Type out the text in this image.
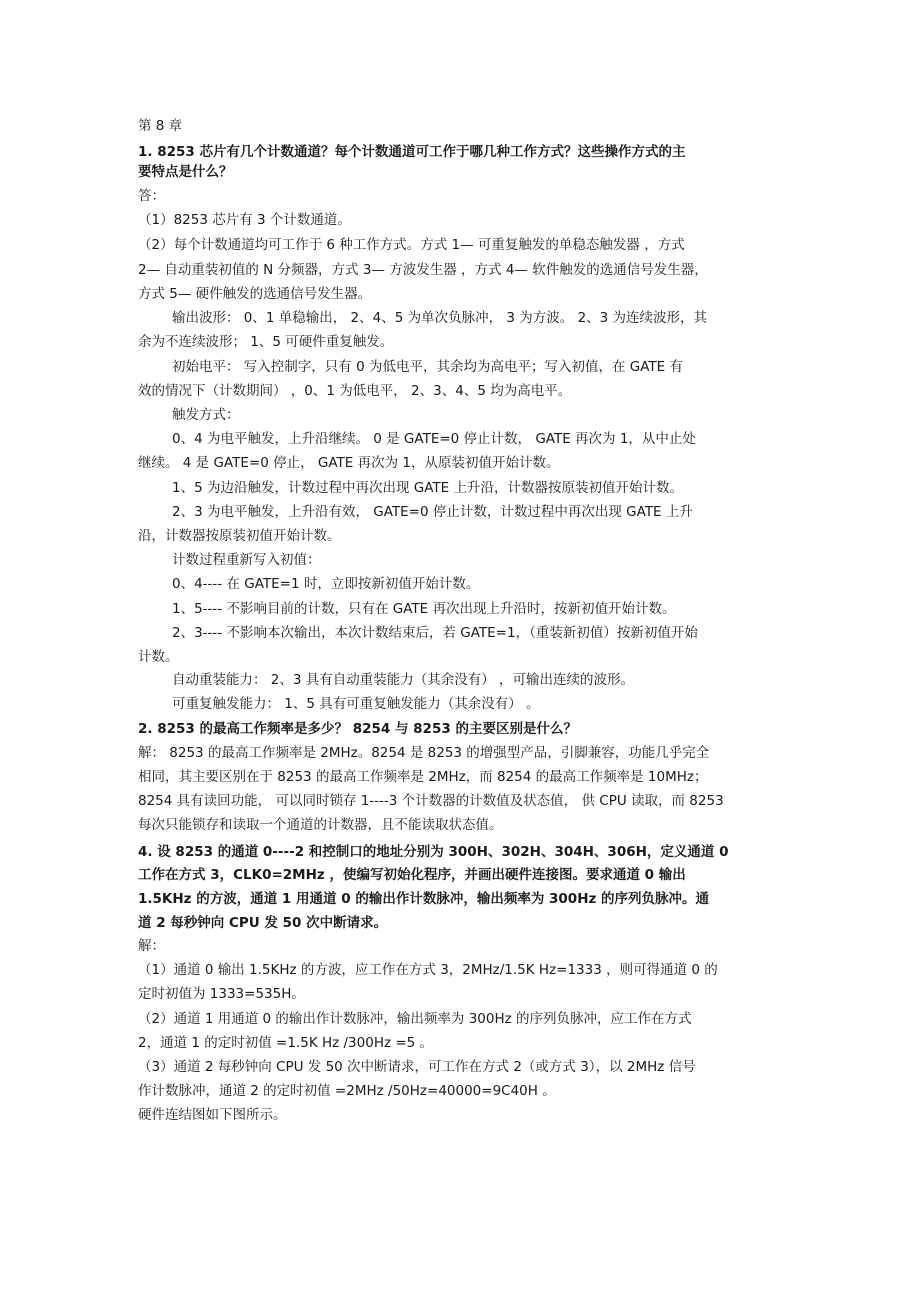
第 8 章

1. 8253 芯片有几个计数通道？每个计数通道可工作于哪几种工作方式？这些操作方式的主

要特点是什么？

答：

（1）8253 芯片有 3 个计数通道。

（2）每个计数通道均可工作于 6 种工作方式。方式 1— 可重复触发的单稳态触发器 ，方式

2— 自动重装初值的 N 分频器，方式 3— 方波发生器 ，方式 4— 软件触发的选通信号发生器，

方式 5— 硬件触发的选通信号发生器。

输出波形： 0、1 单稳输出， 2、4、5 为单次负脉冲， 3 为方波。 2、3 为连续波形，其

余为不连续波形； 1、5 可硬件重复触发。

初始电平： 写入控制字，只有 0 为低电平，其余均为高电平；写入初值，在 GATE 有

效的情况下（计数期间） ，0、1 为低电平， 2、3、4、5 均为高电平。

触发方式：

0、4 为电平触发，上升沿继续。 0 是 GATE=0 停止计数， GATE 再次为 1，从中止处

继续。 4 是 GATE=0 停止， GATE 再次为 1，从原装初值开始计数。

1、5 为边沿触发，计数过程中再次出现 GATE 上升沿，计数器按原装初值开始计数。

2、3 为电平触发，上升沿有效， GATE=0 停止计数，计数过程中再次出现 GATE 上升

沿，计数器按原装初值开始计数。

计数过程重新写入初值：

0、4---- 在 GATE=1 时，立即按新初值开始计数。

1、5---- 不影响目前的计数，只有在 GATE 再次出现上升沿时，按新初值开始计数。

2、3---- 不影响本次输出，本次计数结束后，若 GATE=1，（重装新初值）按新初值开始

计数。

自动重装能力： 2、3 具有自动重装能力（其余没有） ，可输出连续的波形。

可重复触发能力： 1、5 具有可重复触发能力（其余没有） 。

2. 8253 的最高工作频率是多少？ 8254 与 8253 的主要区别是什么？

解： 8253 的最高工作频率是 2MHz。8254 是 8253 的增强型产品，引脚兼容，功能几乎完全

相同，其主要区别在于 8253 的最高工作频率是 2MHz，而 8254 的最高工作频率是 10MHz；

8254 具有读回功能， 可以同时锁存 1----3 个计数器的计数值及状态值， 供 CPU 读取，而 8253

每次只能锁存和读取一个通道的计数器，且不能读取状态值。

4. 设 8253 的通道 0----2 和控制口的地址分别为 300H、302H、304H、306H，定义通道 0

工作在方式 3，CLK0=2MHz ，使编写初始化程序，并画出硬件连接图。要求通道 0 输出

1.5KHz 的方波，通道 1 用通道 0 的输出作计数脉冲，输出频率为 300Hz 的序列负脉冲。通

道 2 每秒钟向 CPU 发 50 次中断请求。

解：

（1）通道 0 输出 1.5KHz 的方波，应工作在方式 3，2MHz/1.5K Hz=1333 ，则可得通道 0 的

定时初值为 1333=535H。

（2）通道 1 用通道 0 的输出作计数脉冲，输出频率为 300Hz 的序列负脉冲，应工作在方式

2，通道 1 的定时初值 =1.5K Hz /300Hz =5 。

（3）通道 2 每秒钟向 CPU 发 50 次中断请求，可工作在方式 2（或方式 3），以 2MHz 信号

作计数脉冲，通道 2 的定时初值 =2MHz /50Hz=40000=9C40H 。

硬件连结图如下图所示。
